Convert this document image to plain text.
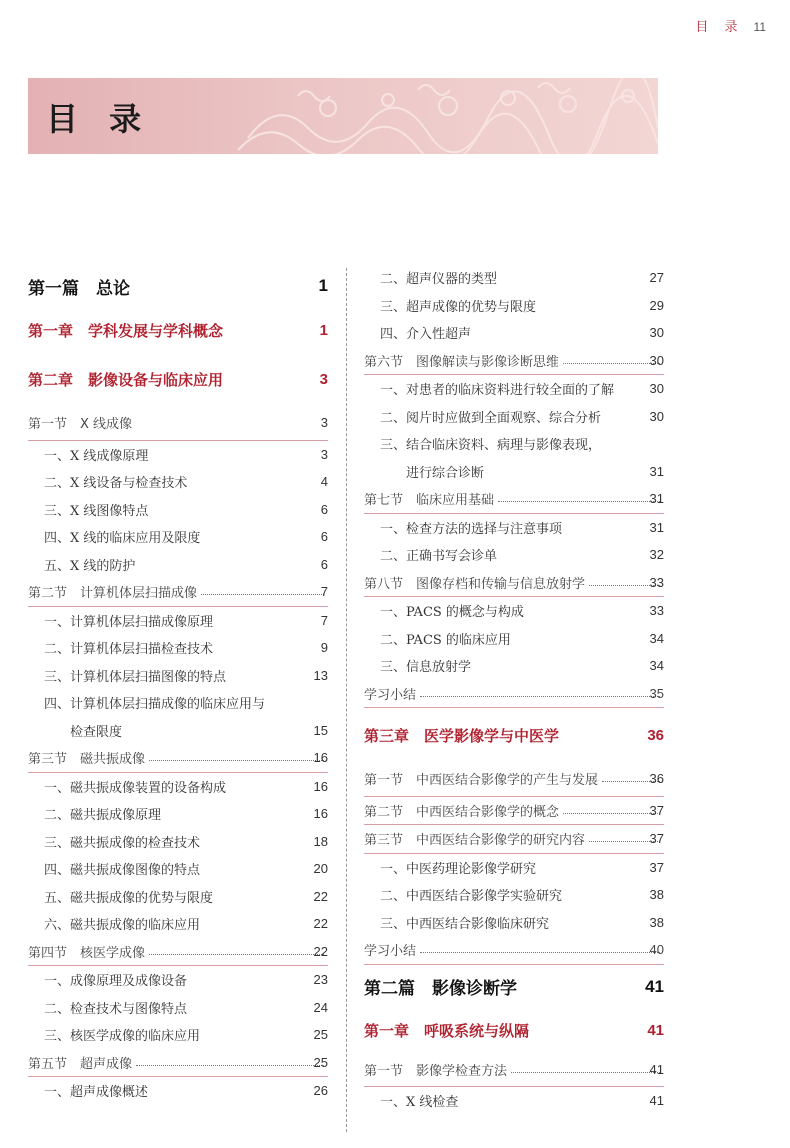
目 录 11
目 录
第一篇　总论	1
第一章　学科发展与学科概念	1
第二章　影像设备与临床应用	3
第一节　X 线成像	3
一、X 线成像原理	3
二、X 线设备与检查技术	4
三、X 线图像特点	6
四、X 线的临床应用及限度	6
五、X 线的防护	6
第二节　计算机体层扫描成像	7
一、计算机体层扫描成像原理	7
二、计算机体层扫描检查技术	9
三、计算机体层扫描图像的特点	13
四、计算机体层扫描成像的临床应用与
　　检查限度	15
第三节　磁共振成像	16
一、磁共振成像装置的设备构成	16
二、磁共振成像原理	16
三、磁共振成像的检查技术	18
四、磁共振成像图像的特点	20
五、磁共振成像的优势与限度	22
六、磁共振成像的临床应用	22
第四节　核医学成像	22
一、成像原理及成像设备	23
二、检查技术与图像特点	24
三、核医学成像的临床应用	25
第五节　超声成像	25
一、超声成像概述	26
二、超声仪器的类型	27
三、超声成像的优势与限度	29
四、介入性超声	30
第六节　图像解读与影像诊断思维	30
一、对患者的临床资料进行较全面的了解	30
二、阅片时应做到全面观察、综合分析	30
三、结合临床资料、病理与影像表现，
　　进行综合诊断	31
第七节　临床应用基础	31
一、检查方法的选择与注意事项	31
二、正确书写会诊单	32
第八节　图像存档和传输与信息放射学	33
一、PACS 的概念与构成	33
二、PACS 的临床应用	34
三、信息放射学	34
学习小结	35
第三章　医学影像学与中医学	36
第一节　中西医结合影像学的产生与发展	36
第二节　中西医结合影像学的概念	37
第三节　中西医结合影像学的研究内容	37
一、中医药理论影像学研究	37
二、中西医结合影像学实验研究	38
三、中西医结合影像临床研究	38
学习小结	40
第二篇　影像诊断学	41
第一章　呼吸系统与纵隔	41
第一节　影像学检查方法	41
一、X 线检查	41
